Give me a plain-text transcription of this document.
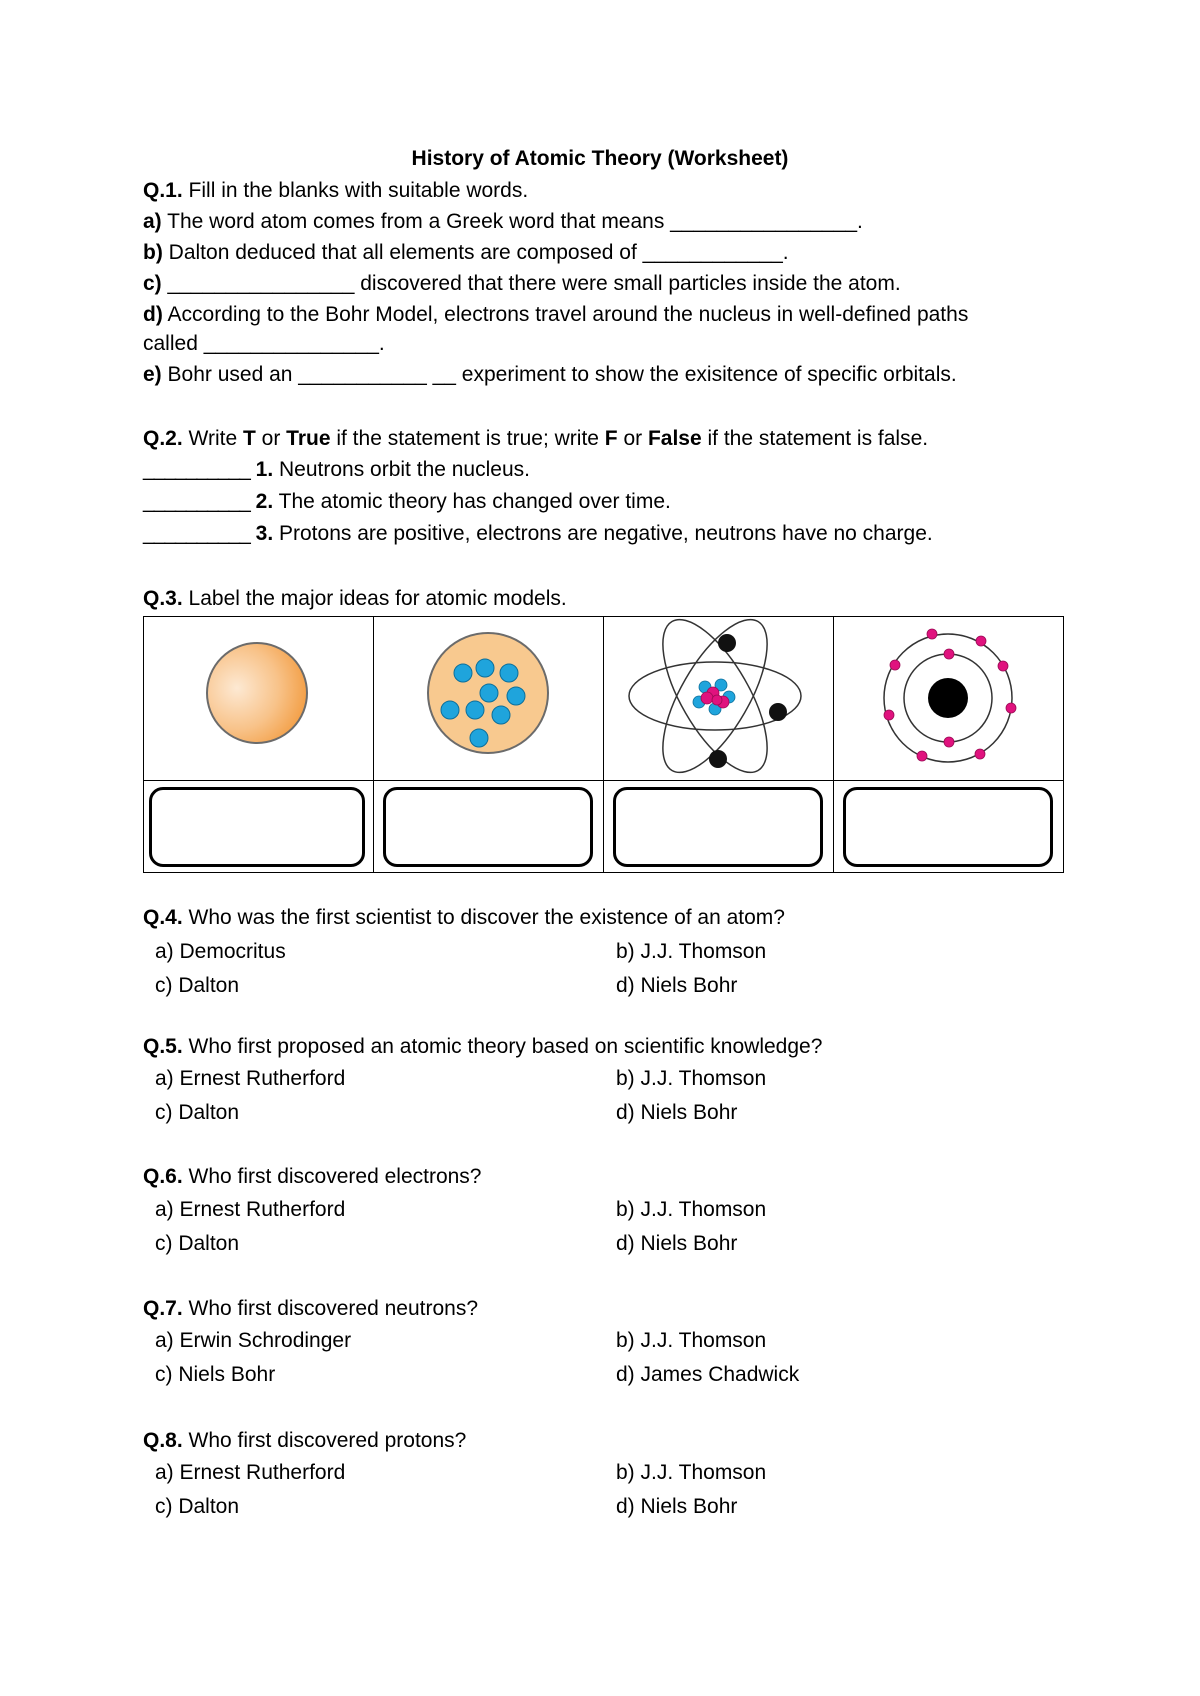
History of Atomic Theory (Worksheet)
Q.1. Fill in the blanks with suitable words.
a) The word atom comes from a Greek word that means ________________.
b) Dalton deduced that all elements are composed of ____________.
c) ________________ discovered that there were small particles inside the atom.
d) According to the Bohr Model, electrons travel around the nucleus in well-defined paths
called _______________.
e) Bohr used an ___________ __ experiment to show the exisitence of specific orbitals.
Q.2. Write T or True if the statement is true; write F or False if the statement is false.
__________ 1. Neutrons orbit the nucleus.
__________ 2. The atomic theory has changed over time.
__________ 3. Protons are positive, electrons are negative, neutrons have no charge.
Q.3. Label the major ideas for atomic models.
Q.4. Who was the first scientist to discover the existence of an atom?
a) Democritus	b) J.J. Thomson
c) Dalton	d) Niels Bohr
Q.5. Who first proposed an atomic theory based on scientific knowledge?
a) Ernest Rutherford	b) J.J. Thomson
c) Dalton	d) Niels Bohr
Q.6. Who first discovered electrons?
a) Ernest Rutherford	b) J.J. Thomson
c) Dalton	d) Niels Bohr
Q.7. Who first discovered neutrons?
a) Erwin Schrodinger	b) J.J. Thomson
c) Niels Bohr	d) James Chadwick
Q.8. Who first discovered protons?
a) Ernest Rutherford	b) J.J. Thomson
c) Dalton	d) Niels Bohr
